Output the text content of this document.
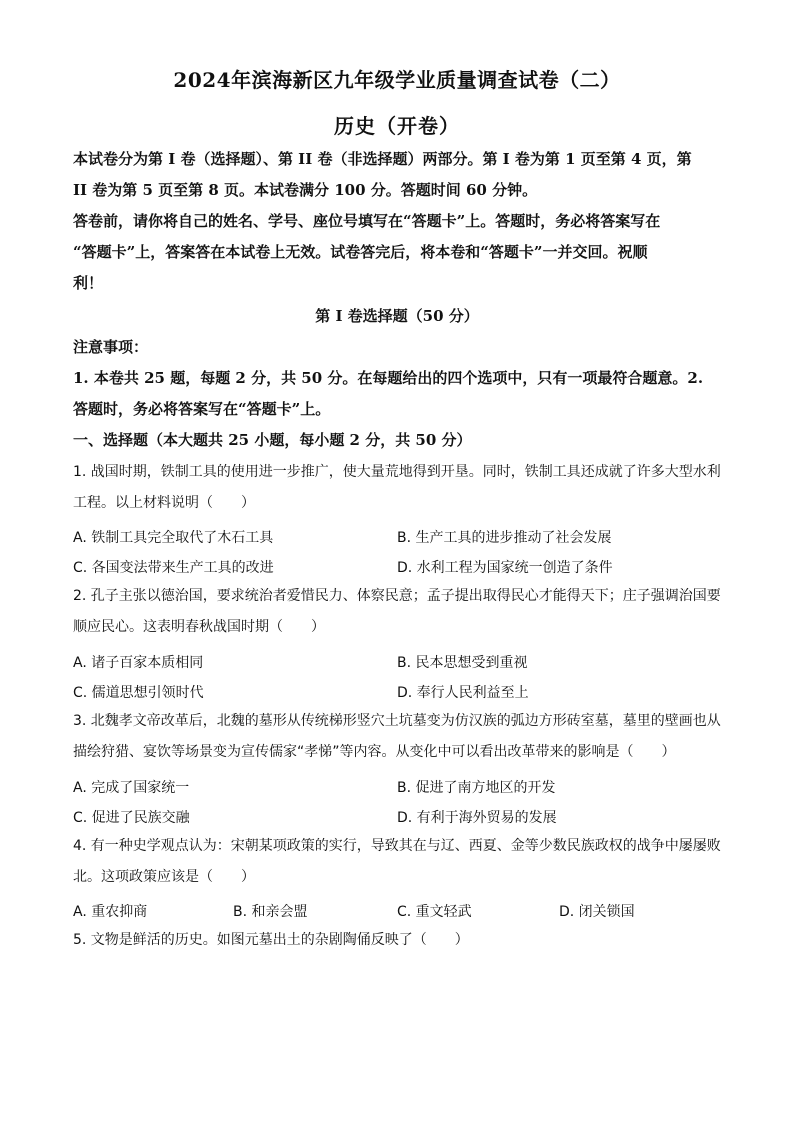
2024年滨海新区九年级学业质量调查试卷（二）
历史（开卷）
本试卷分为第 I 卷（选择题）、第 II 卷（非选择题）两部分。第 I 卷为第 1 页至第 4 页，第
II 卷为第 5 页至第 8 页。本试卷满分 100 分。答题时间 60 分钟。
答卷前，请你将自己的姓名、学号、座位号填写在“答题卡”上。答题时，务必将答案写在
“答题卡”上，答案答在本试卷上无效。试卷答完后，将本卷和“答题卡”一并交回。祝顺
利！
第 I 卷选择题（50 分）
注意事项：
1. 本卷共 25 题，每题 2 分，共 50 分。在每题给出的四个选项中，只有一项最符合题意。2.
答题时，务必将答案写在“答题卡”上。
一、选择题（本大题共 25 小题，每小题 2 分，共 50 分）
1. 战国时期，铁制工具的使用进一步推广，使大量荒地得到开垦。同时，铁制工具还成就了许多大型水利
工程。以上材料说明（　　）
A. 铁制工具完全取代了木石工具	B. 生产工具的进步推动了社会发展
C. 各国变法带来生产工具的改进	D. 水利工程为国家统一创造了条件
2. 孔子主张以德治国，要求统治者爱惜民力、体察民意；孟子提出取得民心才能得天下；庄子强调治国要
顺应民心。这表明春秋战国时期（　　）
A. 诸子百家本质相同	B. 民本思想受到重视
C. 儒道思想引领时代	D. 奉行人民利益至上
3. 北魏孝文帝改革后，北魏的墓形从传统梯形竖穴土坑墓变为仿汉族的弧边方形砖室墓，墓里的壁画也从
描绘狩猎、宴饮等场景变为宣传儒家“孝悌”等内容。从变化中可以看出改革带来的影响是（　　）
A. 完成了国家统一	B. 促进了南方地区的开发
C. 促进了民族交融	D. 有利于海外贸易的发展
4. 有一种史学观点认为：宋朝某项政策的实行，导致其在与辽、西夏、金等少数民族政权的战争中屡屡败
北。这项政策应该是（　　）
A. 重农抑商	B. 和亲会盟	C. 重文轻武	D. 闭关锁国
5. 文物是鲜活的历史。如图元墓出土的杂剧陶俑反映了（　　）
